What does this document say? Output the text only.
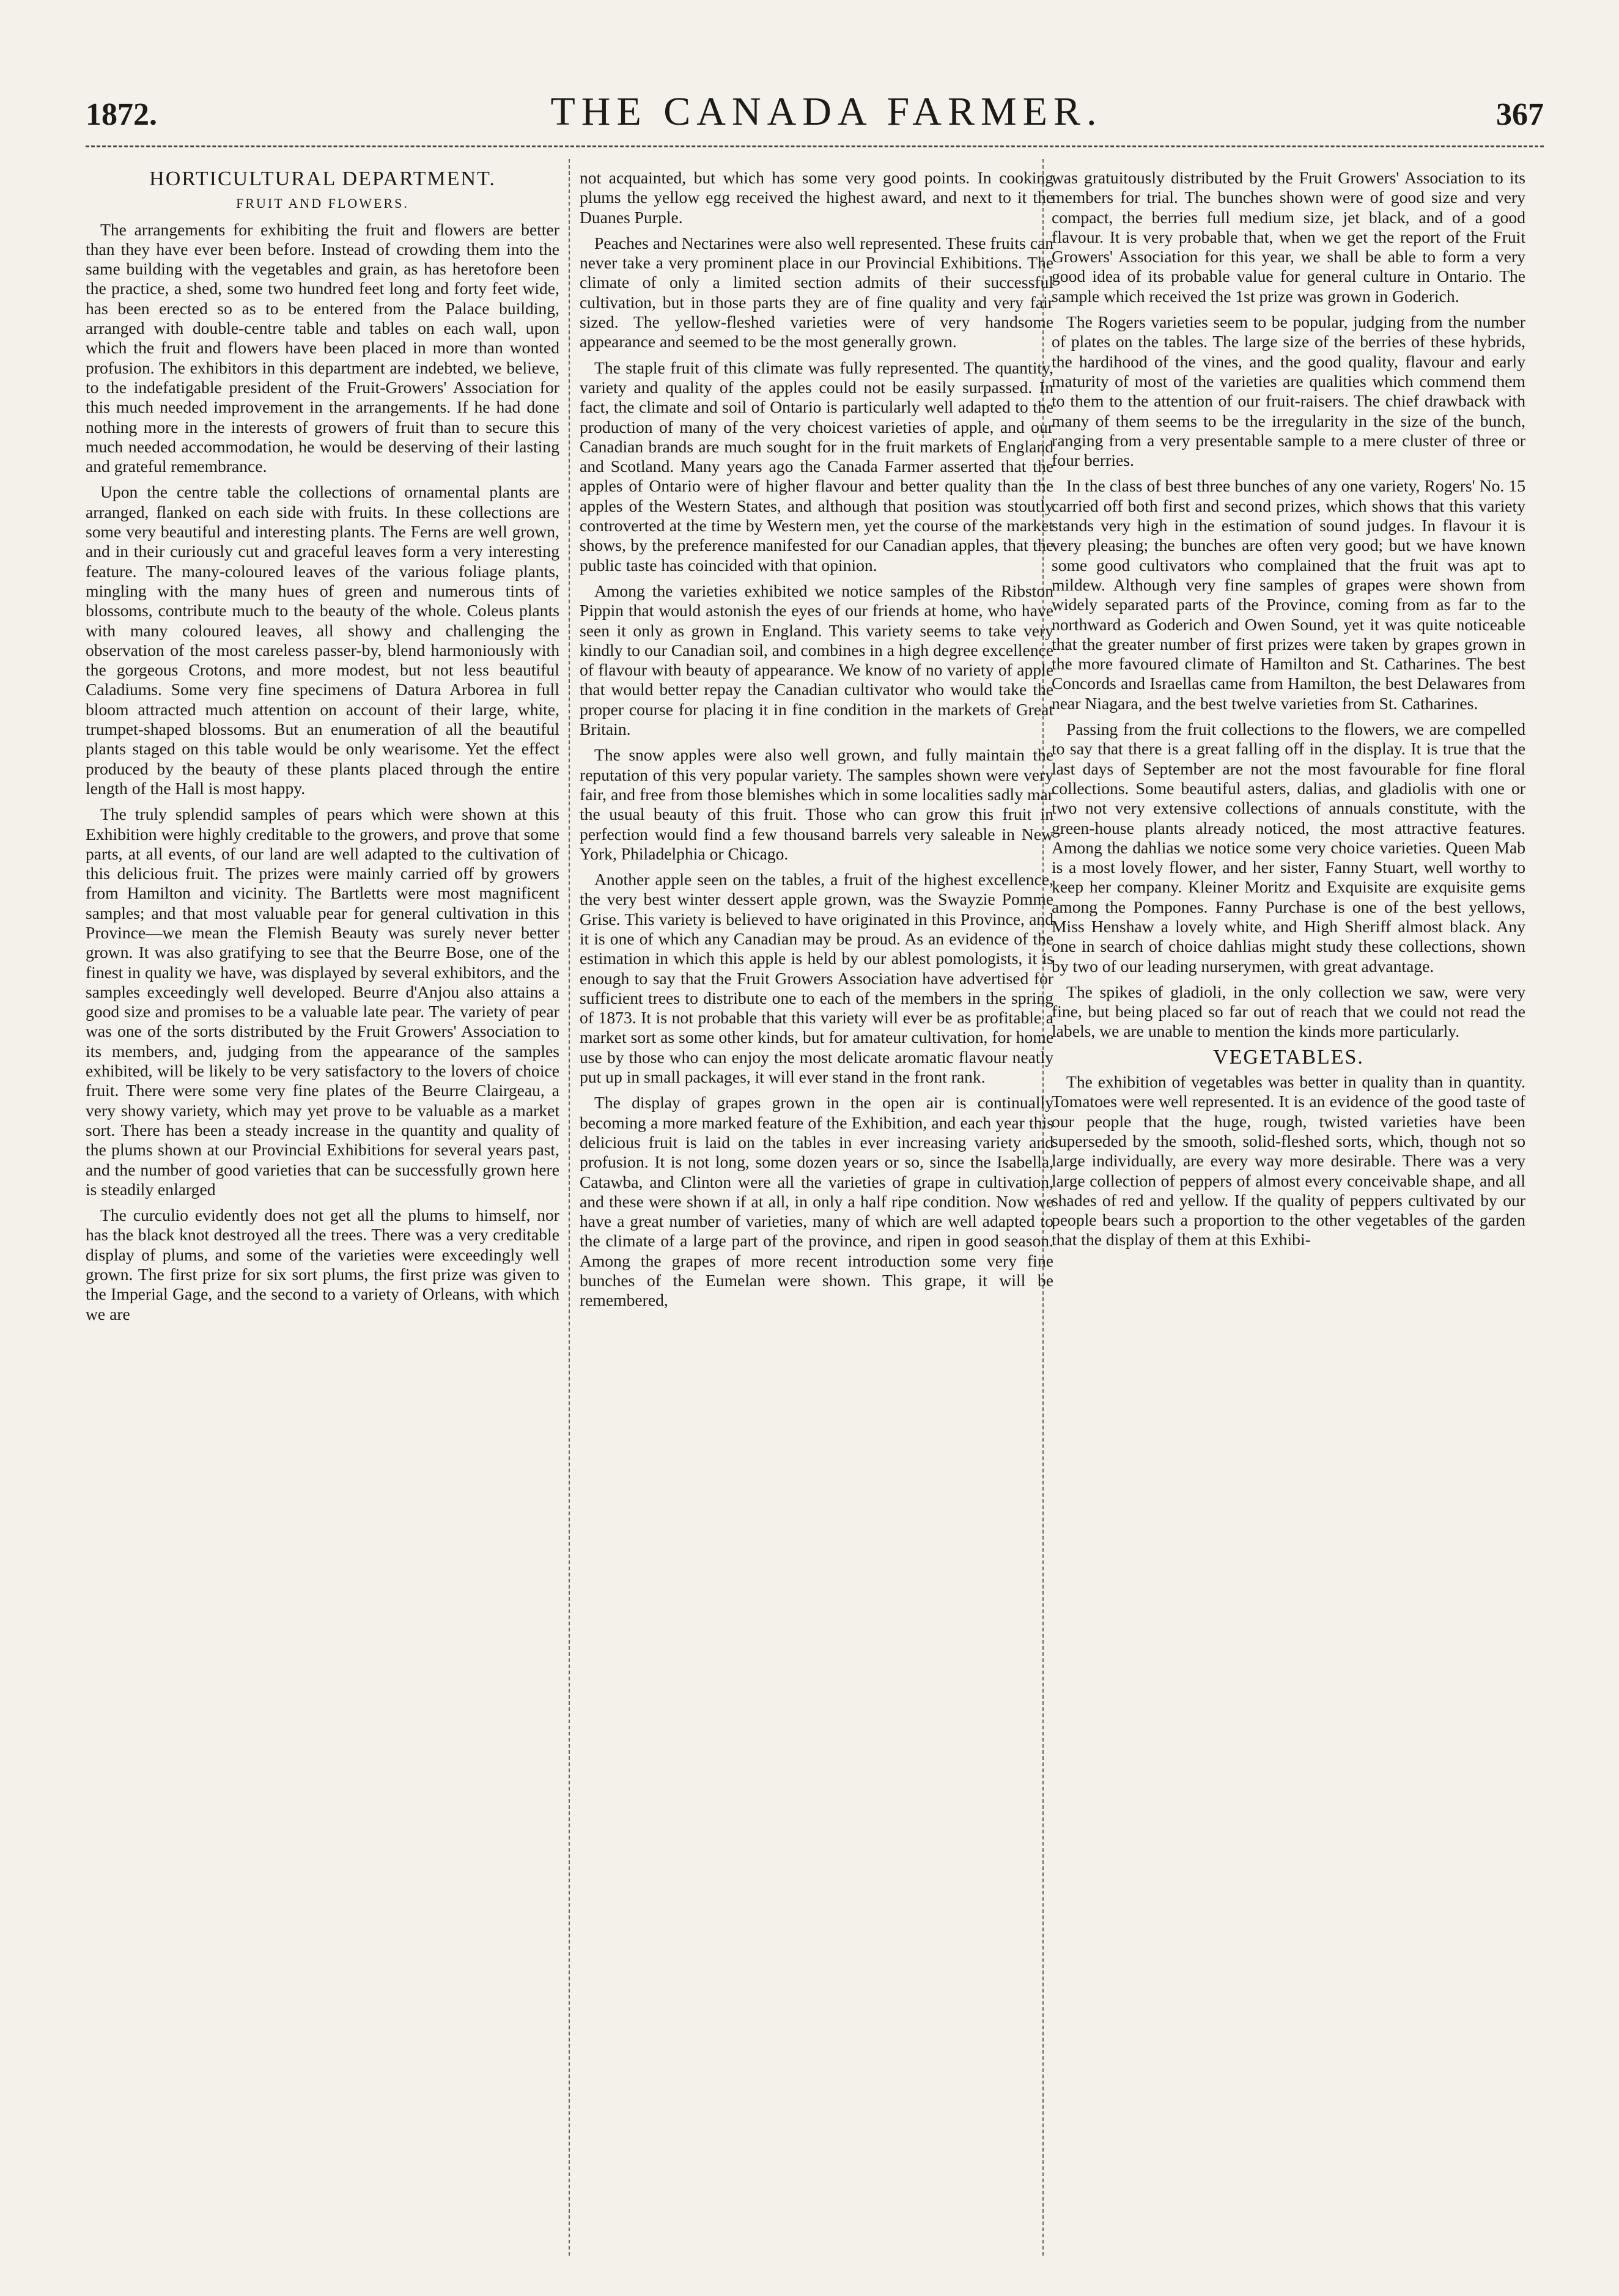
1872.	THE CANADA FARMER.	367
HORTICULTURAL DEPARTMENT.
FRUIT AND FLOWERS.

The arrangements for exhibiting the fruit and flowers are better than they have ever been before. Instead of crowding them into the same building with the vegetables and grain, as has heretofore been the practice, a shed, some two hundred feet long and forty feet wide, has been erected so as to be entered from the Palace building, arranged with double-centre table and tables on each wall, upon which the fruit and flowers have been placed in more than wonted profusion. The exhibitors in this department are indebted, we believe, to the indefatigable president of the Fruit-Growers' Association for this much needed improvement in the arrangements. If he had done nothing more in the interests of growers of fruit than to secure this much needed accommodation, he would be deserving of their lasting and grateful remembrance.

Upon the centre table the collections of ornamental plants are arranged, flanked on each side with fruits. In these collections are some very beautiful and interesting plants. The Ferns are well grown, and in their curiously cut and graceful leaves form a very interesting feature. The many-coloured leaves of the various foliage plants, mingling with the many hues of green and numerous tints of blossoms, contribute much to the beauty of the whole. Coleus plants with many coloured leaves, all showy and challenging the observation of the most careless passer-by, blend harmoniously with the gorgeous Crotons, and more modest, but not less beautiful Caladiums. Some very fine specimens of Datura Arborea in full bloom attracted much attention on account of their large, white, trumpet-shaped blossoms. But an enumeration of all the beautiful plants staged on this table would be only wearisome. Yet the effect produced by the beauty of these plants placed through the entire length of the Hall is most happy.

The truly splendid samples of pears which were shown at this Exhibition were highly creditable to the growers, and prove that some parts, at all events, of our land are well adapted to the cultivation of this delicious fruit. The prizes were mainly carried off by growers from Hamilton and vicinity. The Bartletts were most magnificent samples; and that most valuable pear for general cultivation in this Province—we mean the Flemish Beauty was surely never better grown. It was also gratifying to see that the Beurre Bose, one of the finest in quality we have, was displayed by several exhibitors, and the samples exceedingly well developed. Beurre d'Anjou also attains a good size and promises to be a valuable late pear. The variety of pear was one of the sorts distributed by the Fruit Growers' Association to its members, and, judging from the appearance of the samples exhibited, will be likely to be very satisfactory to the lovers of choice fruit. There were some very fine plates of the Beurre Clairgeau, a very showy variety, which may yet prove to be valuable as a market sort. There has been a steady increase in the quantity and quality of the plums shown at our Provincial Exhibitions for several years past, and the number of good varieties that can be successfully grown here is steadily enlarged

The curculio evidently does not get all the plums to himself, nor has the black knot destroyed all the trees. There was a very creditable display of plums, and some of the varieties were exceedingly well grown. The first prize for six sort plums, the first prize was given to the Imperial Gage, and the second to a variety of Orleans, with which we are

not acquainted, but which has some very good points. In cooking plums the yellow egg received the highest award, and next to it the Duanes Purple.

Peaches and Nectarines were also well represented. These fruits can never take a very prominent place in our Provincial Exhibitions. The climate of only a limited section admits of their successful cultivation, but in those parts they are of fine quality and very fair sized. The yellow-fleshed varieties were of very handsome appearance and seemed to be the most generally grown.

The staple fruit of this climate was fully represented. The quantity, variety and quality of the apples could not be easily surpassed. In fact, the climate and soil of Ontario is particularly well adapted to the production of many of the very choicest varieties of apple, and our Canadian brands are much sought for in the fruit markets of England and Scotland. Many years ago the Canada Farmer asserted that the apples of Ontario were of higher flavour and better quality than the apples of the Western States, and although that position was stoutly controverted at the time by Western men, yet the course of the market shows, by the preference manifested for our Canadian apples, that the public taste has coincided with that opinion.

Among the varieties exhibited we notice samples of the Ribston Pippin that would astonish the eyes of our friends at home, who have seen it only as grown in England. This variety seems to take very kindly to our Canadian soil, and combines in a high degree excellence of flavour with beauty of appearance. We know of no variety of apple that would better repay the Canadian cultivator who would take the proper course for placing it in fine condition in the markets of Great Britain.

The snow apples were also well grown, and fully maintain the reputation of this very popular variety. The samples shown were very fair, and free from those blemishes which in some localities sadly mar the usual beauty of this fruit. Those who can grow this fruit in perfection would find a few thousand barrels very saleable in New York, Philadelphia or Chicago.

Another apple seen on the tables, a fruit of the highest excellence, the very best winter dessert apple grown, was the Swayzie Pomme Grise. This variety is believed to have originated in this Province, and it is one of which any Canadian may be proud. As an evidence of the estimation in which this apple is held by our ablest pomologists, it is enough to say that the Fruit Growers Association have advertised for sufficient trees to distribute one to each of the members in the spring of 1873. It is not probable that this variety will ever be as profitable a market sort as some other kinds, but for amateur cultivation, for home use by those who can enjoy the most delicate aromatic flavour neatly put up in small packages, it will ever stand in the front rank.

The display of grapes grown in the open air is continually becoming a more marked feature of the Exhibition, and each year this delicious fruit is laid on the tables in ever increasing variety and profusion. It is not long, some dozen years or so, since the Isabella, Catawba, and Clinton were all the varieties of grape in cultivation, and these were shown if at all, in only a half ripe condition. Now we have a great number of varieties, many of which are well adapted to the climate of a large part of the province, and ripen in good season. Among the grapes of more recent introduction some very fine bunches of the Eumelan were shown. This grape, it will be remembered,

was gratuitously distributed by the Fruit Growers' Association to its members for trial. The bunches shown were of good size and very compact, the berries full medium size, jet black, and of a good flavour. It is very probable that, when we get the report of the Fruit Growers' Association for this year, we shall be able to form a very good idea of its probable value for general culture in Ontario. The sample which received the 1st prize was grown in Goderich.

The Rogers varieties seem to be popular, judging from the number of plates on the tables. The large size of the berries of these hybrids, the hardihood of the vines, and the good quality, flavour and early maturity of most of the varieties are qualities which commend them to them to the attention of our fruit-raisers. The chief drawback with many of them seems to be the irregularity in the size of the bunch, ranging from a very presentable sample to a mere cluster of three or four berries.

In the class of best three bunches of any one variety, Rogers' No. 15 carried off both first and second prizes, which shows that this variety stands very high in the estimation of sound judges. In flavour it is very pleasing; the bunches are often very good; but we have known some good cultivators who complained that the fruit was apt to mildew. Although very fine samples of grapes were shown from widely separated parts of the Province, coming from as far to the northward as Goderich and Owen Sound, yet it was quite noticeable that the greater number of first prizes were taken by grapes grown in the more favoured climate of Hamilton and St. Catharines. The best Concords and Israellas came from Hamilton, the best Delawares from near Niagara, and the best twelve varieties from St. Catharines.

Passing from the fruit collections to the flowers, we are compelled to say that there is a great falling off in the display. It is true that the last days of September are not the most favourable for fine floral collections. Some beautiful asters, dalias, and gladiolis with one or two not very extensive collections of annuals constitute, with the green-house plants already noticed, the most attractive features. Among the dahlias we notice some very choice varieties. Queen Mab is a most lovely flower, and her sister, Fanny Stuart, well worthy to keep her company. Kleiner Moritz and Exquisite are exquisite gems among the Pompones. Fanny Purchase is one of the best yellows, Miss Henshaw a lovely white, and High Sheriff almost black. Any one in search of choice dahlias might study these collections, shown by two of our leading nurserymen, with great advantage.

The spikes of gladioli, in the only collection we saw, were very fine, but being placed so far out of reach that we could not read the labels, we are unable to mention the kinds more particularly.

VEGETABLES.

The exhibition of vegetables was better in quality than in quantity. Tomatoes were well represented. It is an evidence of the good taste of our people that the huge, rough, twisted varieties have been superseded by the smooth, solid-fleshed sorts, which, though not so large individually, are every way more desirable. There was a very large collection of peppers of almost every conceivable shape, and all shades of red and yellow. If the quality of peppers cultivated by our people bears such a proportion to the other vegetables of the garden that the display of them at this Exhibi-
